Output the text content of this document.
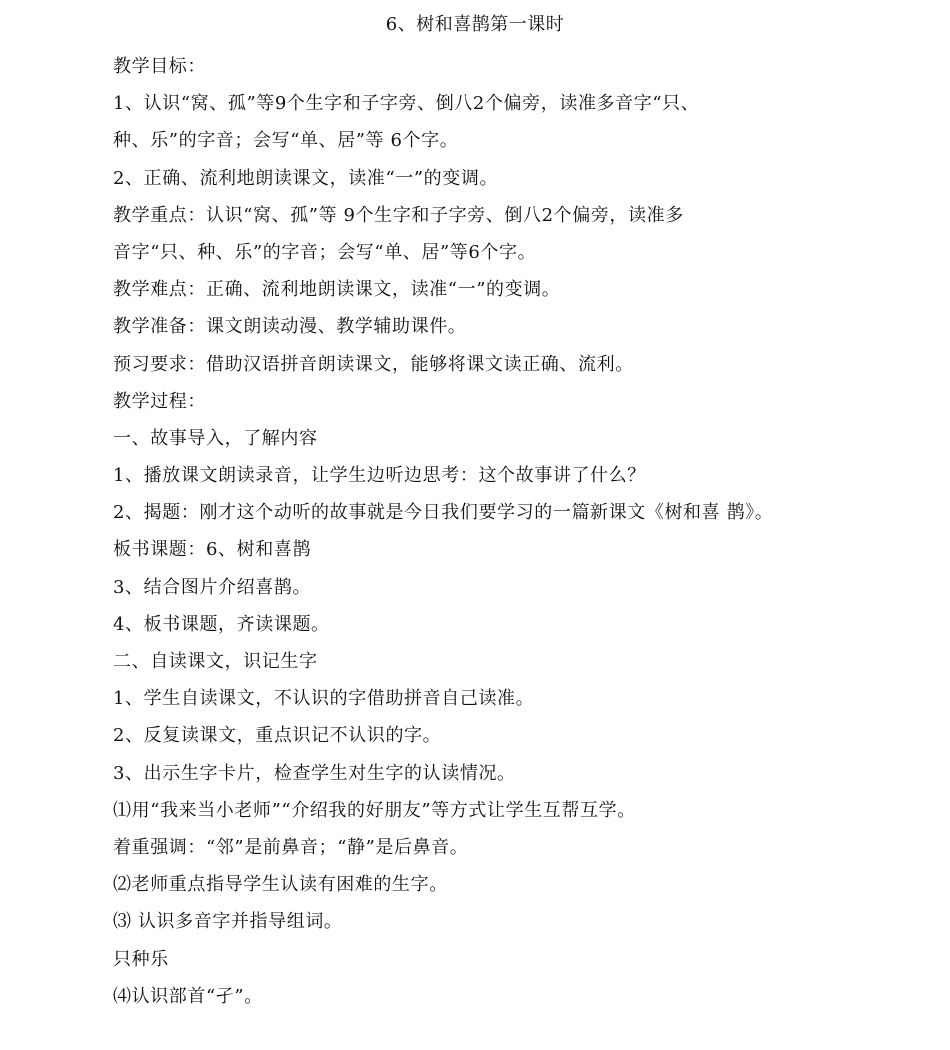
6、树和喜鹊第一课时
教学目标：
1、认识“窝、孤”等9个生字和子字旁、倒八2个偏旁，读准多音字“只、
种、乐”的字音；会写“单、居”等 6个字。
2、正确、流利地朗读课文，读准“一”的变调。
教学重点：认识“窝、孤”等 9个生字和子字旁、倒八2个偏旁，读准多
音字“只、种、乐”的字音；会写“单、居”等6个字。
教学难点：正确、流利地朗读课文，读准“一”的变调。
教学准备：课文朗读动漫、教学辅助课件。
预习要求：借助汉语拼音朗读课文，能够将课文读正确、流利。
教学过程：
一、故事导入，了解内容
1、播放课文朗读录音，让学生边听边思考：这个故事讲了什么？
2、揭题：刚才这个动听的故事就是今日我们要学习的一篇新课文《树和喜 鹊》。
板书课题：6、树和喜鹊
3、结合图片介绍喜鹊。
4、板书课题，齐读课题。
二、自读课文，识记生字
1、学生自读课文，不认识的字借助拼音自己读准。
2、反复读课文，重点识记不认识的字。
3、出示生字卡片，检查学生对生字的认读情况。
⑴用“我来当小老师”“介绍我的好朋友”等方式让学生互帮互学。
着重强调：“邻”是前鼻音；“静”是后鼻音。
⑵老师重点指导学生认读有困难的生字。
⑶ 认识多音字并指导组词。
只种乐
⑷认识部首“孑”。
